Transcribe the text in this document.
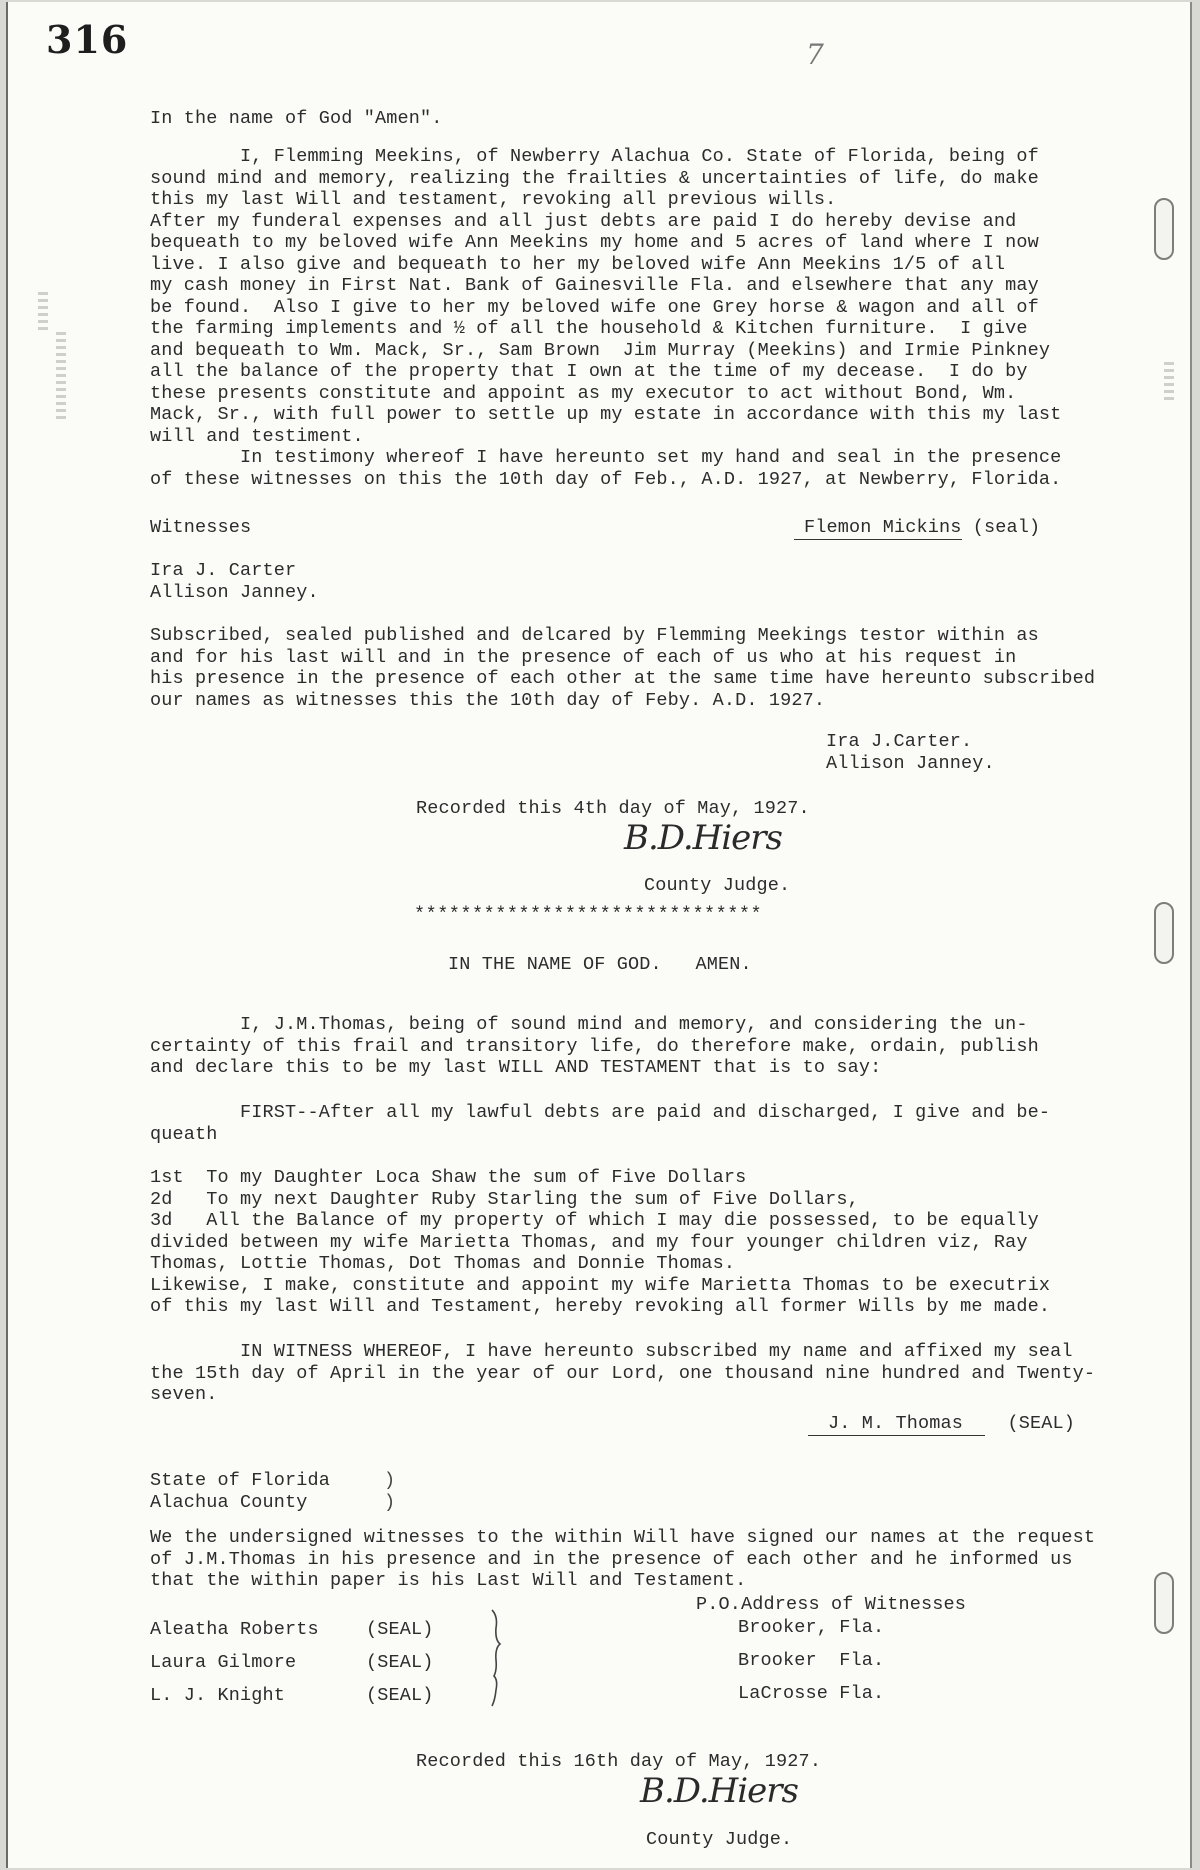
316	7
In the name of God "Amen".
I, Flemming Meekins, of Newberry Alachua Co. State of Florida, being of
sound mind and memory, realizing the frailties & uncertainties of life, do make
this my last Will and testament, revoking all previous wills.
After my funderal expenses and all just debts are paid I do hereby devise and
bequeath to my beloved wife Ann Meekins my home and 5 acres of land where I now
live. I also give and bequeath to her my beloved wife Ann Meekins 1/5 of all
my cash money in First Nat. Bank of Gainesville Fla. and elsewhere that any may
be found.  Also I give to her my beloved wife one Grey horse & wagon and all of
the farming implements and ½ of all the household & Kitchen furniture.  I give
and bequeath to Wm. Mack, Sr., Sam Brown  Jim Murray (Meekins) and Irmie Pinkney
all the balance of the property that I own at the time of my decease.  I do by
these presents constitute and appoint as my executor to act without Bond, Wm.
Mack, Sr., with full power to settle up my estate in accordance with this my last
will and testiment.
In testimony whereof I have hereunto set my hand and seal in the presence
of these witnesses on this the 10th day of Feb., A.D. 1927, at Newberry, Florida.
Witnesses	Flemon Mickins (seal)
Ira J. Carter
Allison Janney.
Subscribed, sealed published and delcared by Flemming Meekings testor within as
and for his last will and in the presence of each of us who at his request in
his presence in the presence of each other at the same time have hereunto subscribed
our names as witnesses this the 10th day of Feby. A.D. 1927.
Ira J.Carter.
Allison Janney.
Recorded this 4th day of May, 1927.
B.D.Hiers
County Judge.
******************************
IN THE NAME OF GOD.   AMEN.
I, J.M.Thomas, being of sound mind and memory, and considering the un-
certainty of this frail and transitory life, do therefore make, ordain, publish
and declare this to be my last WILL AND TESTAMENT that is to say:
FIRST--After all my lawful debts are paid and discharged, I give and be-
queath
1st  To my Daughter Loca Shaw the sum of Five Dollars
2d   To my next Daughter Ruby Starling the sum of Five Dollars,
3d   All the Balance of my property of which I may die possessed, to be equally
divided between my wife Marietta Thomas, and my four younger children viz, Ray
Thomas, Lottie Thomas, Dot Thomas and Donnie Thomas.
Likewise, I make, constitute and appoint my wife Marietta Thomas to be executrix
of this my last Will and Testament, hereby revoking all former Wills by me made.
IN WITNESS WHEREOF, I have hereunto subscribed my name and affixed my seal
the 15th day of April in the year of our Lord, one thousand nine hundred and Twenty-
seven.
J. M. Thomas (SEAL)
State of Florida
Alachua County
)
)
We the undersigned witnesses to the within Will have signed our names at the request
of J.M.Thomas in his presence and in the presence of each other and he informed us
that the within paper is his Last Will and Testament.
P.O.Address of Witnesses
Aleatha Roberts	(SEAL)	Brooker, Fla.
Laura Gilmore	(SEAL)	Brooker  Fla.
L. J. Knight	(SEAL)	LaCrosse Fla.
Recorded this 16th day of May, 1927.
B.D.Hiers
County Judge.
